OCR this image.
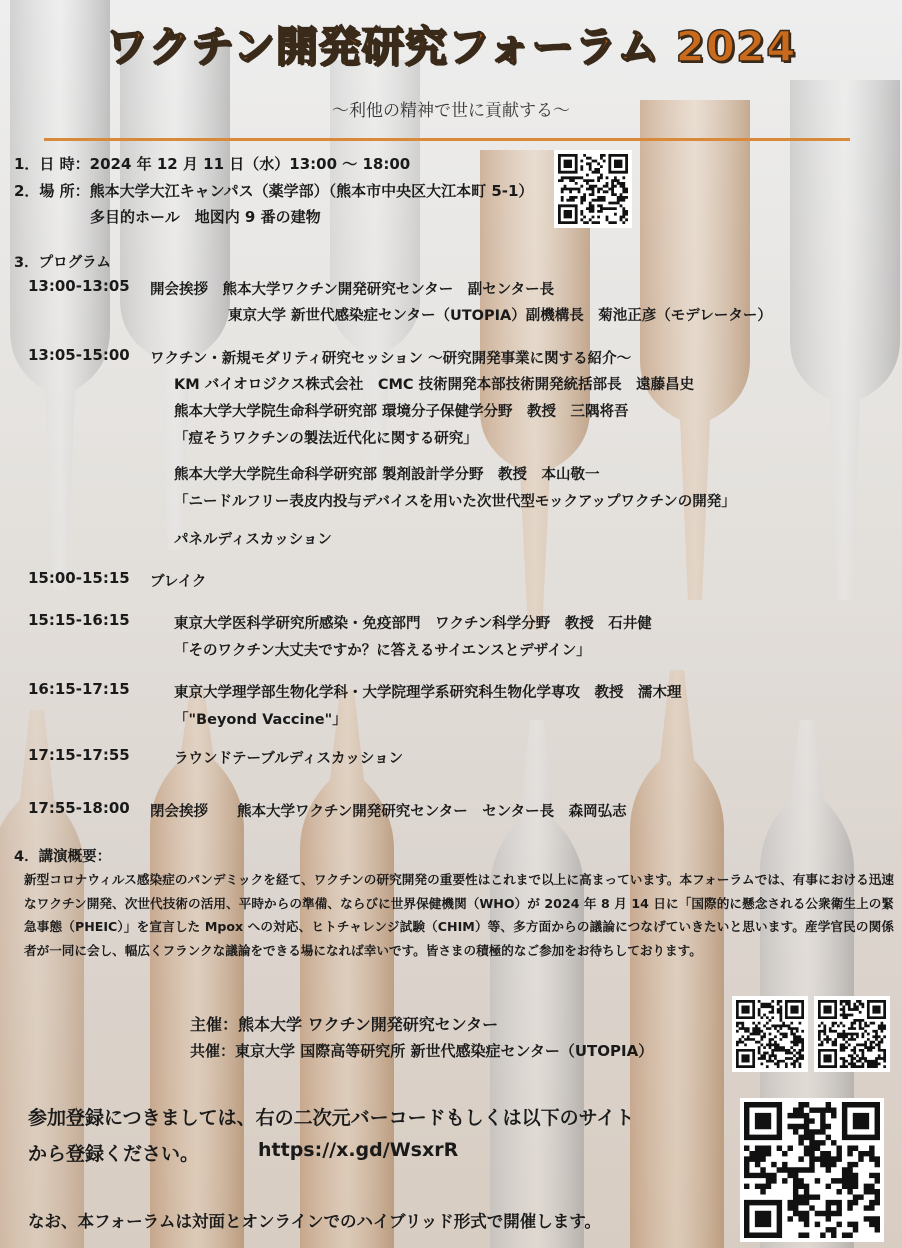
ワクチン開発研究フォーラム 2024
〜利他の精神で世に貢献する〜
1．日 時：2024 年 12 月 11 日（水）13:00 〜 18:00
2．場 所：熊本大学大江キャンパス（薬学部）（熊本市中央区大江本町 5-1）
多目的ホール　地図内 9 番の建物
3．プログラム
13:00-13:05 開会挨拶　熊本大学ワクチン開発研究センター　副センター長
東京大学 新世代感染症センター（UTOPIA）副機構長　菊池正彦（モデレーター）
13:05-15:00 ワクチン・新規モダリティ研究セッション 〜研究開発事業に関する紹介〜
KM バイオロジクス株式会社　CMC 技術開発本部技術開発統括部長　遠藤昌史
熊本大学大学院生命科学研究部 環境分子保健学分野　教授　三隅将吾
「痘そうワクチンの製法近代化に関する研究」
熊本大学大学院生命科学研究部 製剤設計学分野　教授　本山敬一
「ニードルフリー表皮内投与デバイスを用いた次世代型モックアップワクチンの開発」
パネルディスカッション
15:00-15:15 ブレイク
15:15-16:15	東京大学医科学研究所感染・免疫部門　ワクチン科学分野　教授　石井健
「そのワクチン大丈夫ですか？に答えるサイエンスとデザイン」
16:15-17:15	東京大学理学部生物化学科・大学院理学系研究科生物化学専攻　教授　濡木理
「"Beyond Vaccine"」
17:15-17:55	ラウンドテーブルディスカッション
17:55-18:00 閉会挨拶　　熊本大学ワクチン開発研究センター　センター長　森岡弘志
4．講演概要：
新型コロナウィルス感染症のパンデミックを経て、ワクチンの研究開発の重要性はこれまで以上に高まっています。本フォーラムでは、有事における迅速なワクチン開発、次世代技術の活用、平時からの準備、ならびに世界保健機関（WHO）が 2024 年 8 月 14 日に「国際的に懸念される公衆衛生上の緊急事態（PHEIC）」を宣言した Mpox への対応、ヒトチャレンジ試験（CHIM）等、多方面からの議論につなげていきたいと思います。産学官民の関係者が一同に会し、幅広くフランクな議論をできる場になれば幸いです。皆さまの積極的なご参加をお待ちしております。
主催：熊本大学 ワクチン開発研究センター
共催：東京大学 国際高等研究所 新世代感染症センター（UTOPIA）
参加登録につきましては、右の二次元バーコードもしくは以下のサイト
から登録ください。	https://x.gd/WsxrR
なお、本フォーラムは対面とオンラインでのハイブリッド形式で開催します。
